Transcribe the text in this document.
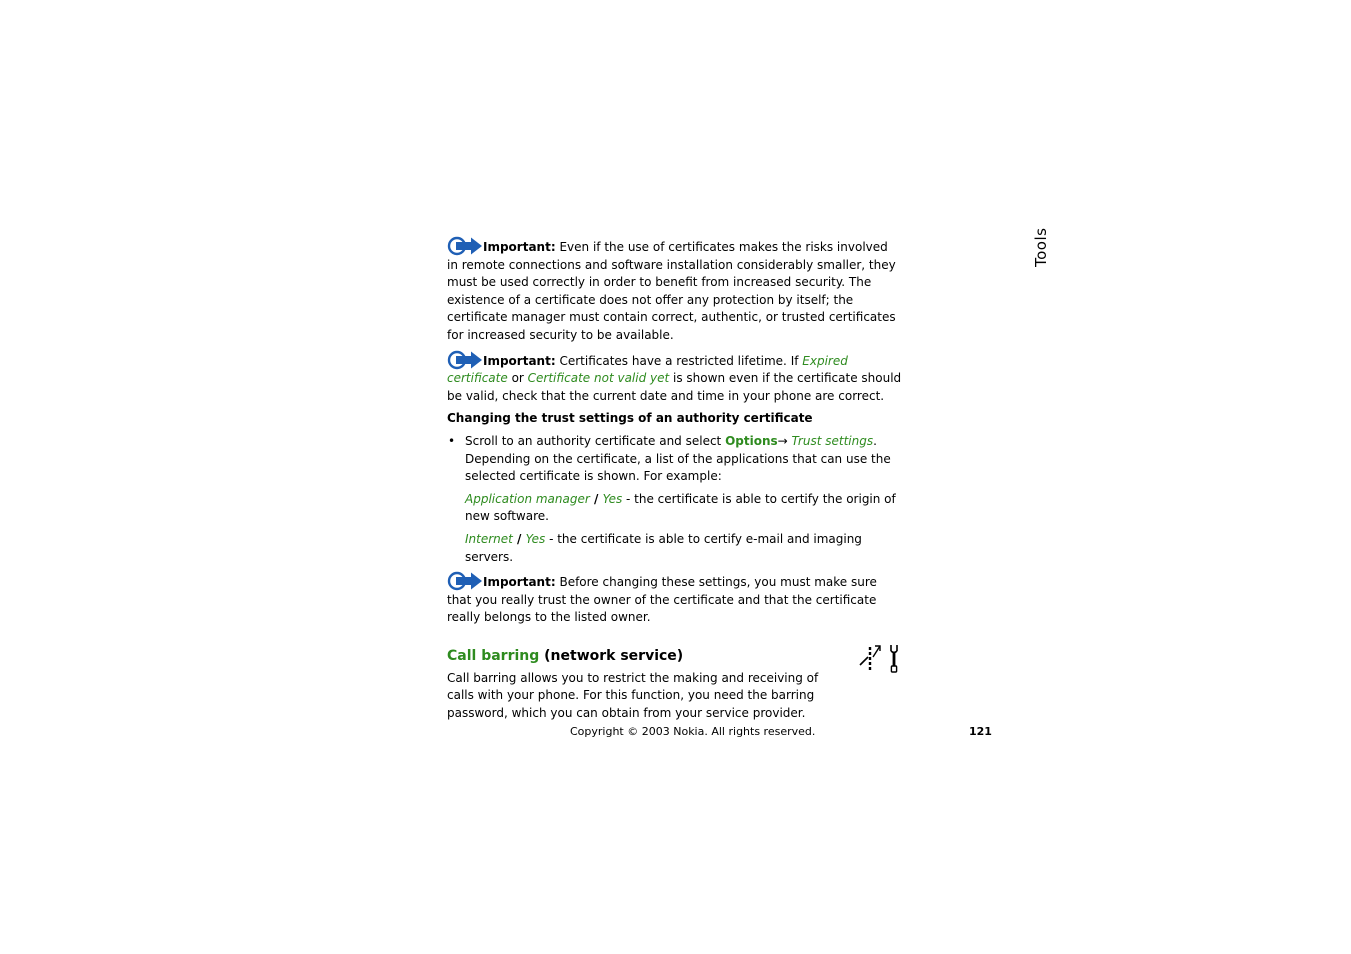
Tools

Important: Even if the use of certificates makes the risks involved in remote connections and software installation considerably smaller, they must be used correctly in order to benefit from increased security. The existence of a certificate does not offer any protection by itself; the certificate manager must contain correct, authentic, or trusted certificates for increased security to be available.

Important: Certificates have a restricted lifetime. If Expired certificate or Certificate not valid yet is shown even if the certificate should be valid, check that the current date and time in your phone are correct.

Changing the trust settings of an authority certificate

• Scroll to an authority certificate and select Options→ Trust settings. Depending on the certificate, a list of the applications that can use the selected certificate is shown. For example:

Application manager / Yes - the certificate is able to certify the origin of new software.

Internet / Yes - the certificate is able to certify e-mail and imaging servers.

Important: Before changing these settings, you must make sure that you really trust the owner of the certificate and that the certificate really belongs to the listed owner.

Call barring (network service)

Call barring allows you to restrict the making and receiving of calls with your phone. For this function, you need the barring password, which you can obtain from your service provider.

Copyright © 2003 Nokia. All rights reserved.	121
